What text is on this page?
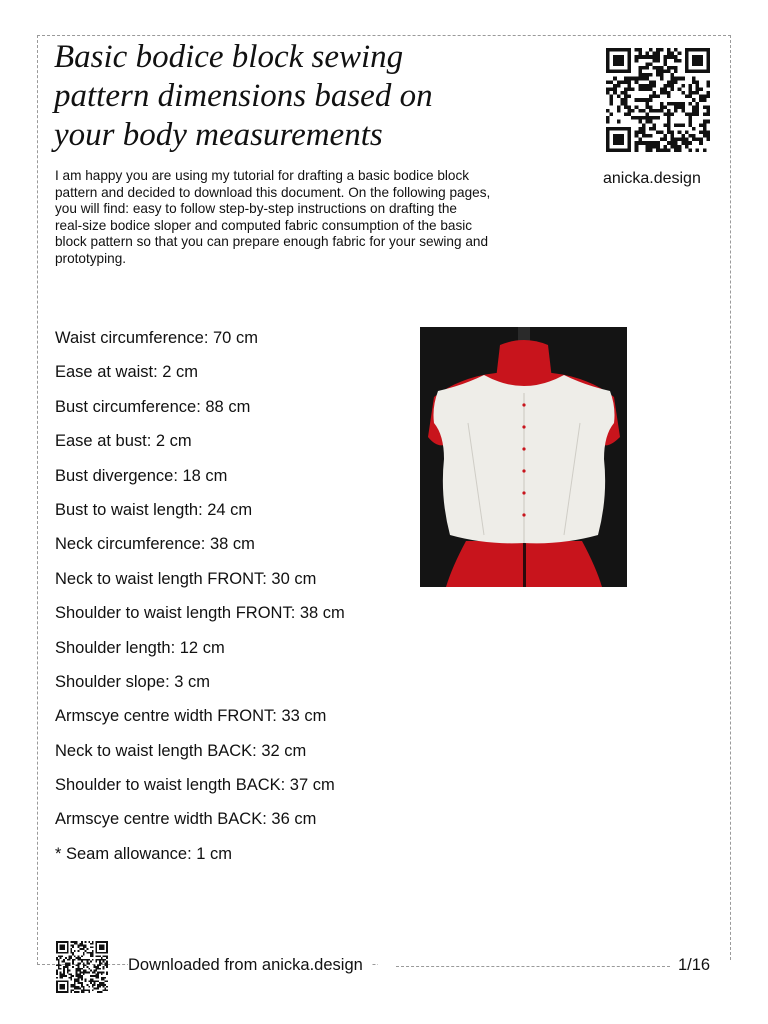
Basic bodice block sewing
pattern dimensions based on
your body measurements

I am happy you are using my tutorial for drafting a basic bodice block
pattern and decided to download this document. On the following pages,
you will find: easy to follow step-by-step instructions on drafting the
real-size bodice sloper and computed fabric consumption of the basic
block pattern so that you can prepare enough fabric for your sewing and
prototyping.

anicka.design
Waist circumference: 70 cm
Ease at waist: 2 cm
Bust circumference: 88 cm
Ease at bust: 2 cm
Bust divergence: 18 cm
Bust to waist length: 24 cm
Neck circumference: 38 cm
Neck to waist length FRONT: 30 cm
Shoulder to waist length FRONT: 38 cm
Shoulder length: 12 cm
Shoulder slope: 3 cm
Armscye centre width FRONT: 33 cm
Neck to waist length BACK: 32 cm
Shoulder to waist length BACK: 37 cm
Armscye centre width BACK: 36 cm
* Seam allowance: 1 cm
Downloaded from anicka.design	1/16
